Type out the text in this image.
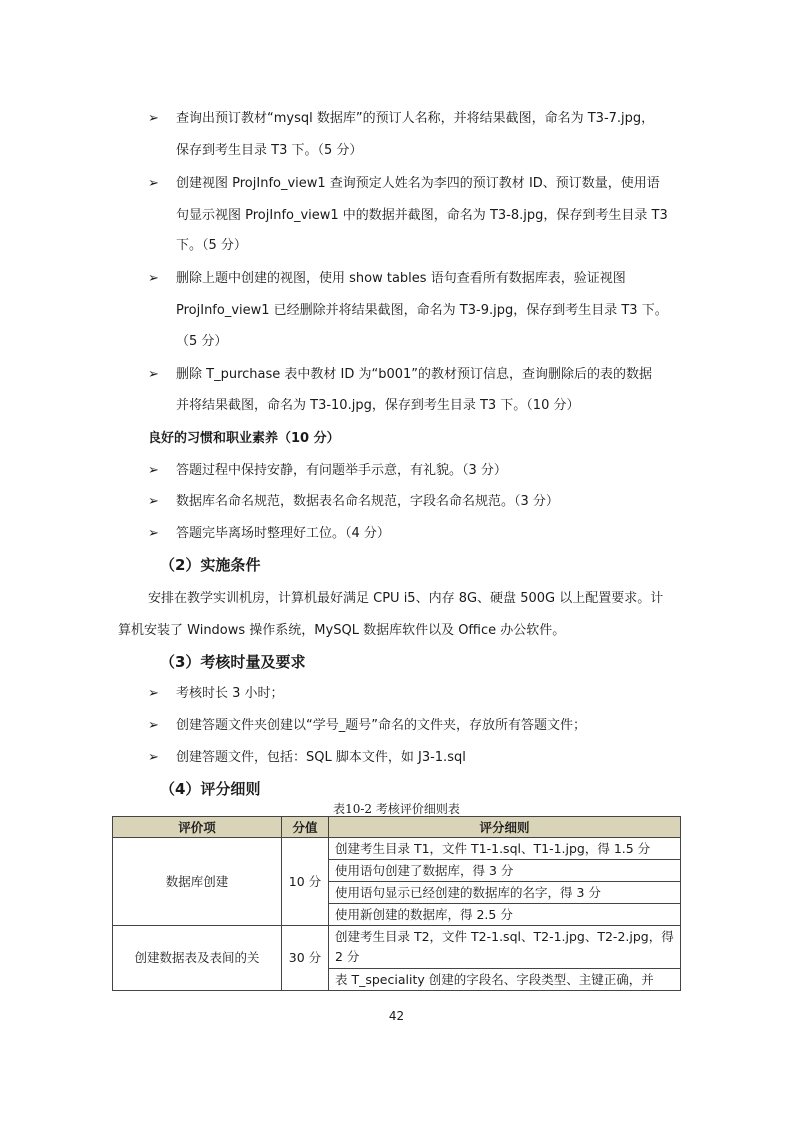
➢ 查询出预订教材“mysql 数据库”的预订人名称，并将结果截图，命名为 T3-7.jpg，
保存到考生目录 T3 下。（5 分）
➢ 创建视图 ProjInfo_view1 查询预定人姓名为李四的预订教材 ID、预订数量，使用语
句显示视图 ProjInfo_view1 中的数据并截图，命名为 T3-8.jpg，保存到考生目录 T3
下。（5 分）
➢ 删除上题中创建的视图，使用 show tables 语句查看所有数据库表，验证视图
ProjInfo_view1 已经删除并将结果截图，命名为 T3-9.jpg，保存到考生目录 T3 下。
（5 分）
➢ 删除 T_purchase 表中教材 ID 为“b001”的教材预订信息，查询删除后的表的数据
并将结果截图，命名为 T3-10.jpg，保存到考生目录 T3 下。（10 分）
良好的习惯和职业素养（10 分）
➢ 答题过程中保持安静，有问题举手示意，有礼貌。（3 分）
➢ 数据库名命名规范，数据表名命名规范，字段名命名规范。（3 分）
➢ 答题完毕离场时整理好工位。（4 分）
（2）实施条件
安排在教学实训机房，计算机最好满足 CPU i5、内存 8G、硬盘 500G 以上配置要求。计
算机安装了 Windows 操作系统，MySQL 数据库软件以及 Office 办公软件。
（3）考核时量及要求
➢ 考核时长 3 小时；
➢ 创建答题文件夹创建以“学号_题号”命名的文件夹，存放所有答题文件；
➢ 创建答题文件，包括：SQL 脚本文件，如 J3-1.sql
（4）评分细则
表10-2 考核评价细则表
评价项	分值	评分细则
数据库创建	10 分	创建考生目录 T1，文件 T1-1.sql、T1-1.jpg，得 1.5 分
		使用语句创建了数据库，得 3 分
		使用语句显示已经创建的数据库的名字，得 3 分
		使用新创建的数据库，得 2.5 分
创建数据表及表间的关	30 分	创建考生目录 T2，文件 T2-1.sql、T2-1.jpg、T2-2.jpg，得
2 分
		表 T_speciality 创建的字段名、字段类型、主键正确，并
42
